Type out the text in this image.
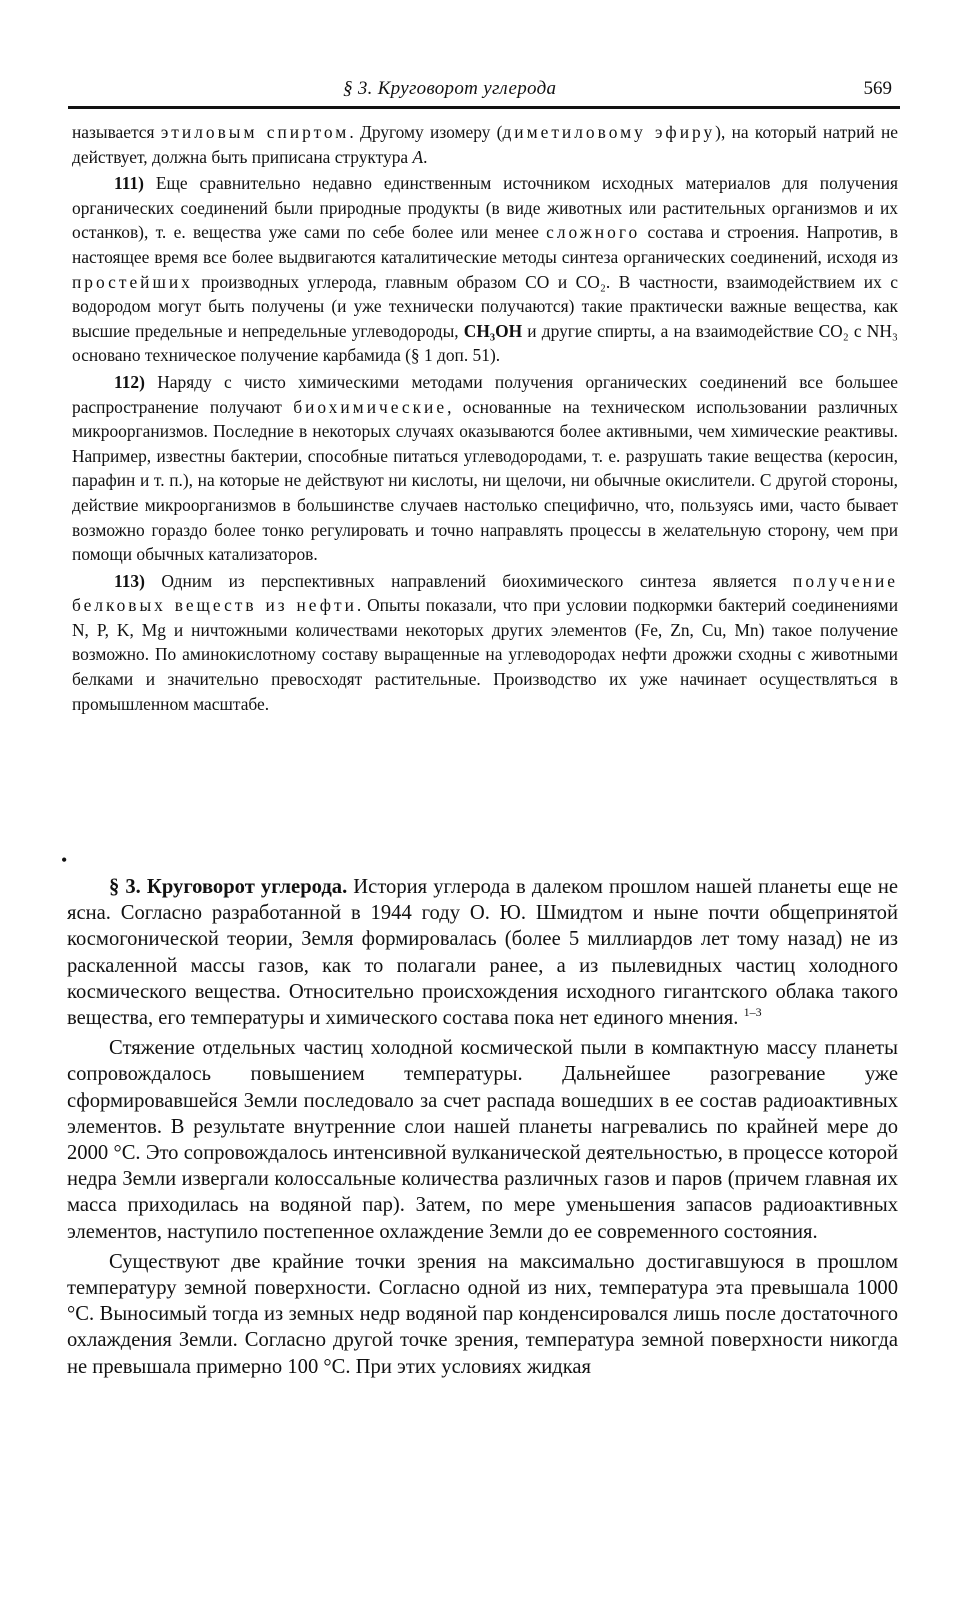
§ 3. Круговорот углерода	569

называется этиловым спиртом. Другому изомеру (диметиловому эфиру), на который натрий не действует, должна быть приписана структура A.

111) Еще сравнительно недавно единственным источником исходных материалов для получения органических соединений были природные продукты (в виде животных или растительных организмов и их останков), т. е. вещества уже сами по себе более или менее сложного состава и строения. Напротив, в настоящее время все более выдвигаются каталитические методы синтеза органических соединений, исходя из простейших производных углерода, главным образом CO и CO₂. В частности, взаимодействием их с водородом могут быть получены (и уже технически получаются) такие практически важные вещества, как высшие предельные и непредельные углеводороды, CH₃OH и другие спирты, а на взаимодействие CO₂ с NH₃ основано техническое получение карбамида (§ 1 доп. 51).

112) Наряду с чисто химическими методами получения органических соединений все большее распространение получают биохимические, основанные на техническом использовании различных микроорганизмов. Последние в некоторых случаях оказываются более активными, чем химические реактивы. Например, известны бактерии, способные питаться углеводородами, т. е. разрушать такие вещества (керосин, парафин и т. п.), на которые не действуют ни кислоты, ни щелочи, ни обычные окислители. С другой стороны, действие микроорганизмов в большинстве случаев настолько специфично, что, пользуясь ими, часто бывает возможно гораздо более тонко регулировать и точно направлять процессы в желательную сторону, чем при помощи обычных катализаторов.

113) Одним из перспективных направлений биохимического синтеза является получение белковых веществ из нефти. Опыты показали, что при условии подкормки бактерий соединениями N, P, K, Mg и ничтожными количествами некоторых других элементов (Fe, Zn, Cu, Mn) такое получение возможно. По аминокислотному составу выращенные на углеводородах нефти дрожжи сходны с животными белками и значительно превосходят растительные. Производство их уже начинает осуществляться в промышленном масштабе.

•

§ 3. Круговорот углерода. История углерода в далеком прошлом нашей планеты еще не ясна. Согласно разработанной в 1944 году О. Ю. Шмидтом и ныне почти общепринятой космогонической теории, Земля формировалась (более 5 миллиардов лет тому назад) не из раскаленной массы газов, как то полагали ранее, а из пылевидных частиц холодного космического вещества. Относительно происхождения исходного гигантского облака такого вещества, его температуры и химического состава пока нет единого мнения. $^{1-3}$

Стяжение отдельных частиц холодной космической пыли в компактную массу планеты сопровождалось повышением температуры. Дальнейшее разогревание уже сформировавшейся Земли последовало за счет распада вошедших в ее состав радиоактивных элементов. В результате внутренние слои нашей планеты нагревались по крайней мере до 2000 °C. Это сопровождалось интенсивной вулканической деятельностью, в процессе которой недра Земли извергали колоссальные количества различных газов и паров (причем главная их масса приходилась на водяной пар). Затем, по мере уменьшения запасов радиоактивных элементов, наступило постепенное охлаждение Земли до ее современного состояния.

Существуют две крайние точки зрения на максимально достигавшуюся в прошлом температуру земной поверхности. Согласно одной из них, температура эта превышала 1000 °C. Выносимый тогда из земных недр водяной пар конденсировался лишь после достаточного охлаждения Земли. Согласно другой точке зрения, температура земной поверхности никогда не превышала примерно 100 °C. При этих условиях жидкая
